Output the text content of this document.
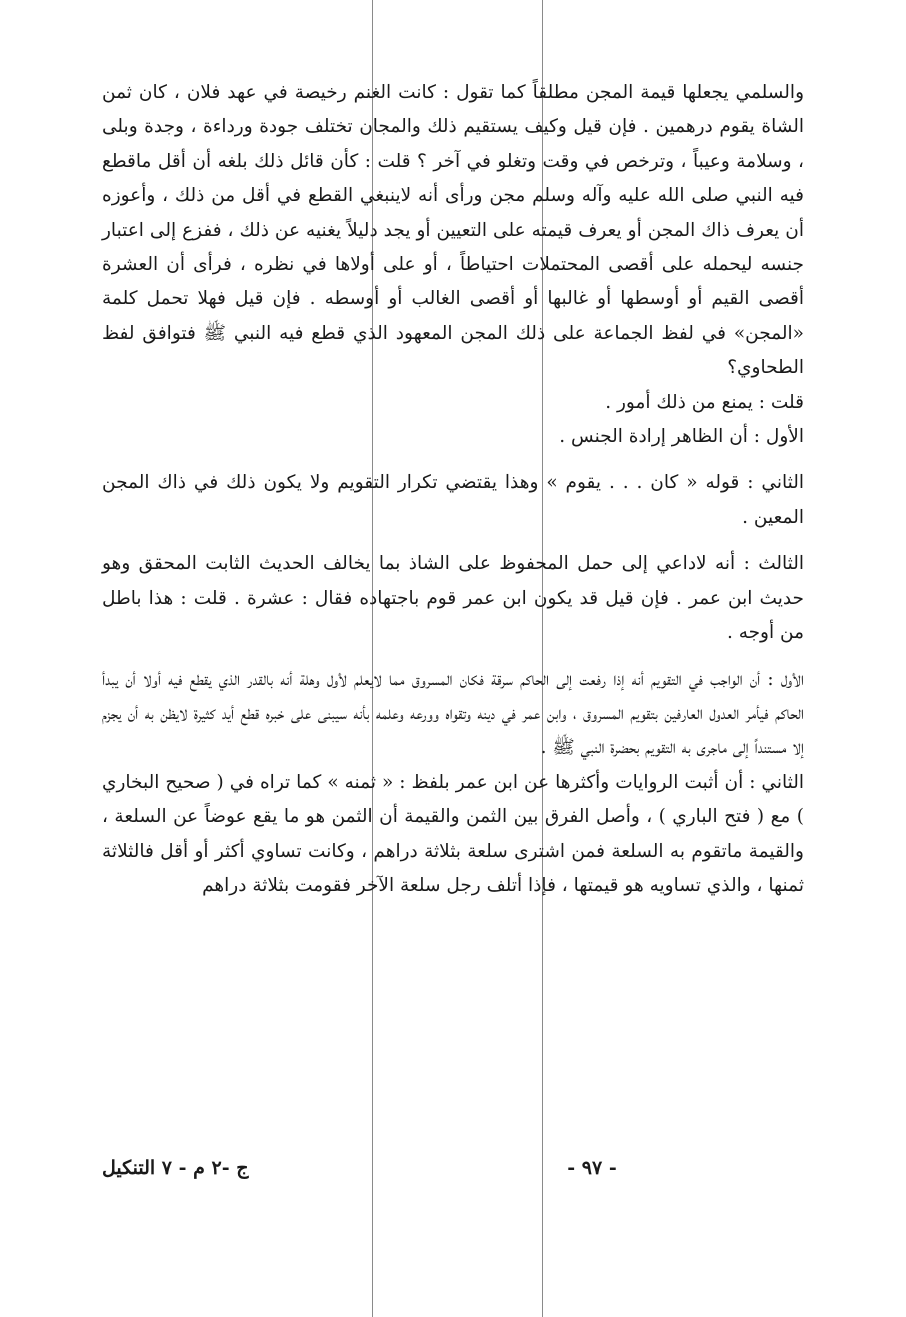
والسلمي يجعلها قيمة المجن مطلقاً كما تقول : كانت الغنم رخيصة في عهد فلان ، كان ثمن الشاة يقوم درهمين . فإن قيل وكيف يستقيم ذلك والمجان تختلف جودة ورداءة ، وجدة وبلى ، وسلامة وعيباً ، وترخص في وقت وتغلو في آخر ؟ قلت : كأن قائل ذلك بلغه أن أقل ماقطع فيه النبي صلى الله عليه وآله وسلم مجن ورأى أنه لاينبغي القطع في أقل من ذلك ، وأعوزه أن يعرف ذاك المجن أو يعرف قيمته على التعيين أو يجد دليلاً يغنيه عن ذلك ، ففزع إلى اعتبار جنسه ليحمله على أقصى المحتملات احتياطاً ، أو على أولاها في نظره ، فرأى أن العشرة أقصى القيم أو أوسطها أو غالبها أو أقصى الغالب أو أوسطه . فإن قيل فهلا تحمل كلمة «المجن» في لفظ الجماعة على ذلك المجن المعهود الذي قطع فيه النبي ﷺ فتوافق لفظ الطحاوي؟

قلت : يمنع من ذلك أمور .

الأول : أن الظاهر إرادة الجنس .

الثاني : قوله « كان . . . يقوم » وهذا يقتضي تكرار التقويم ولا يكون ذلك في ذاك المجن المعين .

الثالث : أنه لاداعي إلى حمل المحفوظ على الشاذ بما يخالف الحديث الثابت المحقق وهو حديث ابن عمر . فإن قيل قد يكون ابن عمر قوم باجتهاده فقال : عشرة . قلت : هذا باطل من أوجه .

الأول : أن الواجب في التقويم أنه إذا رفعت إلى الحاكم سرقة فكان المسروق مما لايعلم لأول وهلة أنه بالقدر الذي يقطع فيه أولا أن يبدأ الحاكم فيأمر العدول العارفين بتقويم المسروق ، وابن عمر في دينه وتقواه وورعه وعلمه بأنه سيبنى على خبره قطع أيد كثيرة لايظن به أن يجزم إلا مستنداً إلى ماجرى به التقويم بحضرة النبي ﷺ .

الثاني : أن أثبت الروايات وأكثرها عن ابن عمر بلفظ : « ثمنه » كما تراه في ( صحيح البخاري ) مع ( فتح الباري ) ، وأصل الفرق بين الثمن والقيمة أن الثمن هو ما يقع عوضاً عن السلعة ، والقيمة ماتقوم به السلعة فمن اشترى سلعة بثلاثة دراهم ، وكانت تساوي أكثر أو أقل فالثلاثة ثمنها ، والذي تساويه هو قيمتها ، فإذا أتلف رجل سلعة الآخر فقومت بثلاثة دراهم

- ٩٧ -
ج -٢ م - ٧ التنكيل
